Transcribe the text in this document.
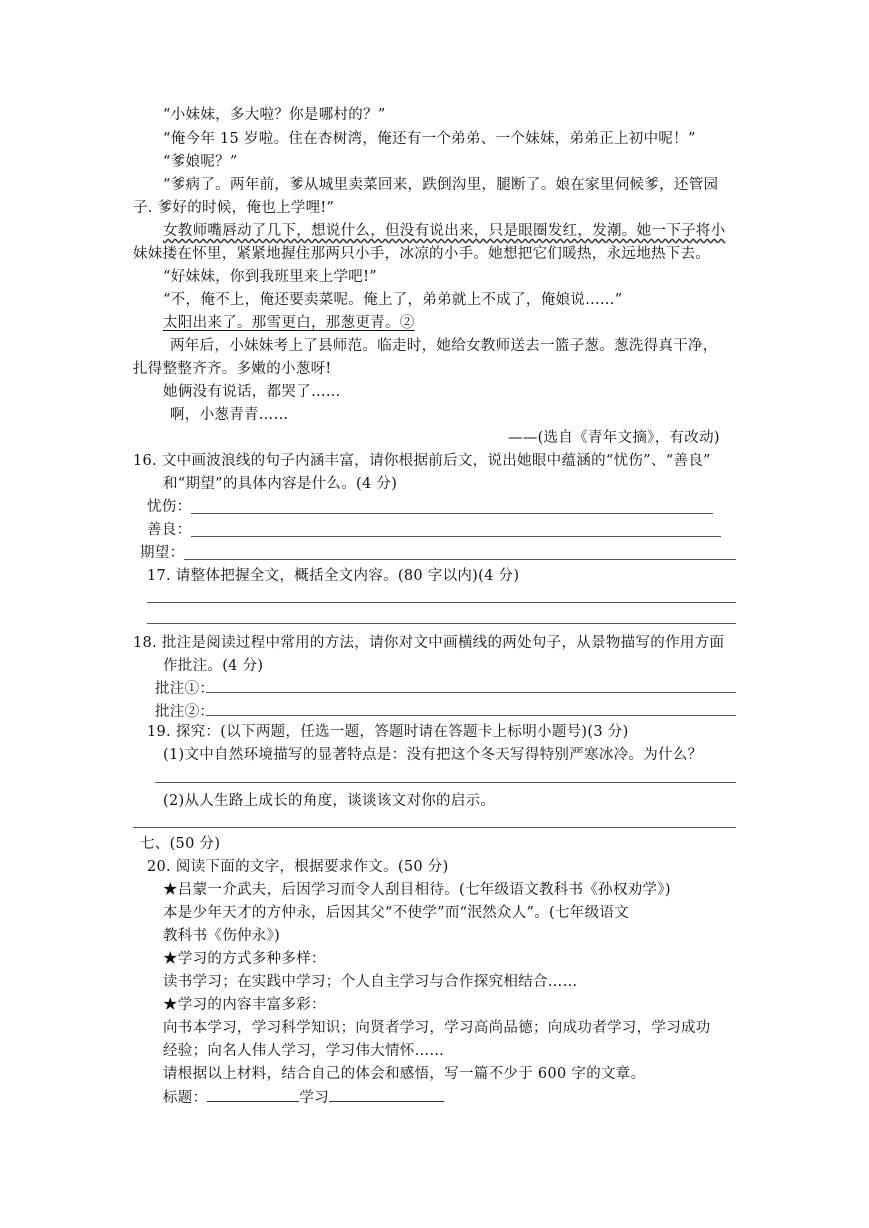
“小妹妹，多大啦？你是哪村的？”
“俺今年 15 岁啦。住在杏树湾，俺还有一个弟弟、一个妹妹，弟弟正上初中呢！”
“爹娘呢？”
“爹病了。两年前，爹从城里卖菜回来，跌倒沟里，腿断了。娘在家里伺候爹，还管园
子. 爹好的时候，俺也上学哩!”
女教师嘴唇动了几下，想说什么，但没有说出来，只是眼圈发红，发潮。她一下子将小
妹妹搂在怀里，紧紧地握住那两只小手，冰凉的小手。她想把它们暖热，永远地热下去。
“好妹妹，你到我班里来上学吧!”
“不，俺不上，俺还要卖菜呢。俺上了，弟弟就上不成了，俺娘说……”
太阳出来了。那雪更白，那葱更青。②
两年后，小妹妹考上了县师范。临走时，她给女教师送去一篮子葱。葱洗得真干净，
扎得整整齐齐。多嫩的小葱呀!
她俩没有说话，都哭了……
啊，小葱青青……
——(选自《青年文摘》，有改动)
16. 文中画波浪线的句子内涵丰富，请你根据前后文，说出她眼中蕴涵的“忧伤”、“善良”
和“期望”的具体内容是什么。(4 分)
忧伤：
善良：
期望：
17. 请整体把握全文，概括全文内容。(80 字以内)(4 分)
18. 批注是阅读过程中常用的方法，请你对文中画横线的两处句子，从景物描写的作用方面
作批注。(4 分)
批注①：
批注②：
19. 探究：(以下两题，任选一题，答题时请在答题卡上标明小题号)(3 分)
(1)文中自然环境描写的显著特点是：没有把这个冬天写得特别严寒冰冷。为什么？
(2)从人生路上成长的角度，谈谈该文对你的启示。
七、(50 分)
20. 阅读下面的文字，根据要求作文。(50 分)
★吕蒙一介武夫，后因学习而令人刮目相待。(七年级语文教科书《孙权劝学》)
本是少年天才的方仲永，后因其父“不使学”而“泯然众人”。(七年级语文
教科书《伤仲永》)
★学习的方式多种多样：
读书学习；在实践中学习；个人自主学习与合作探究相结合……
★学习的内容丰富多彩：
向书本学习，学习科学知识；向贤者学习，学习高尚品德；向成功者学习，学习成功
经验；向名人伟人学习，学习伟大情怀……
请根据以上材料，结合自己的体会和感悟，写一篇不少于 600 字的文章。
标题：	学习
